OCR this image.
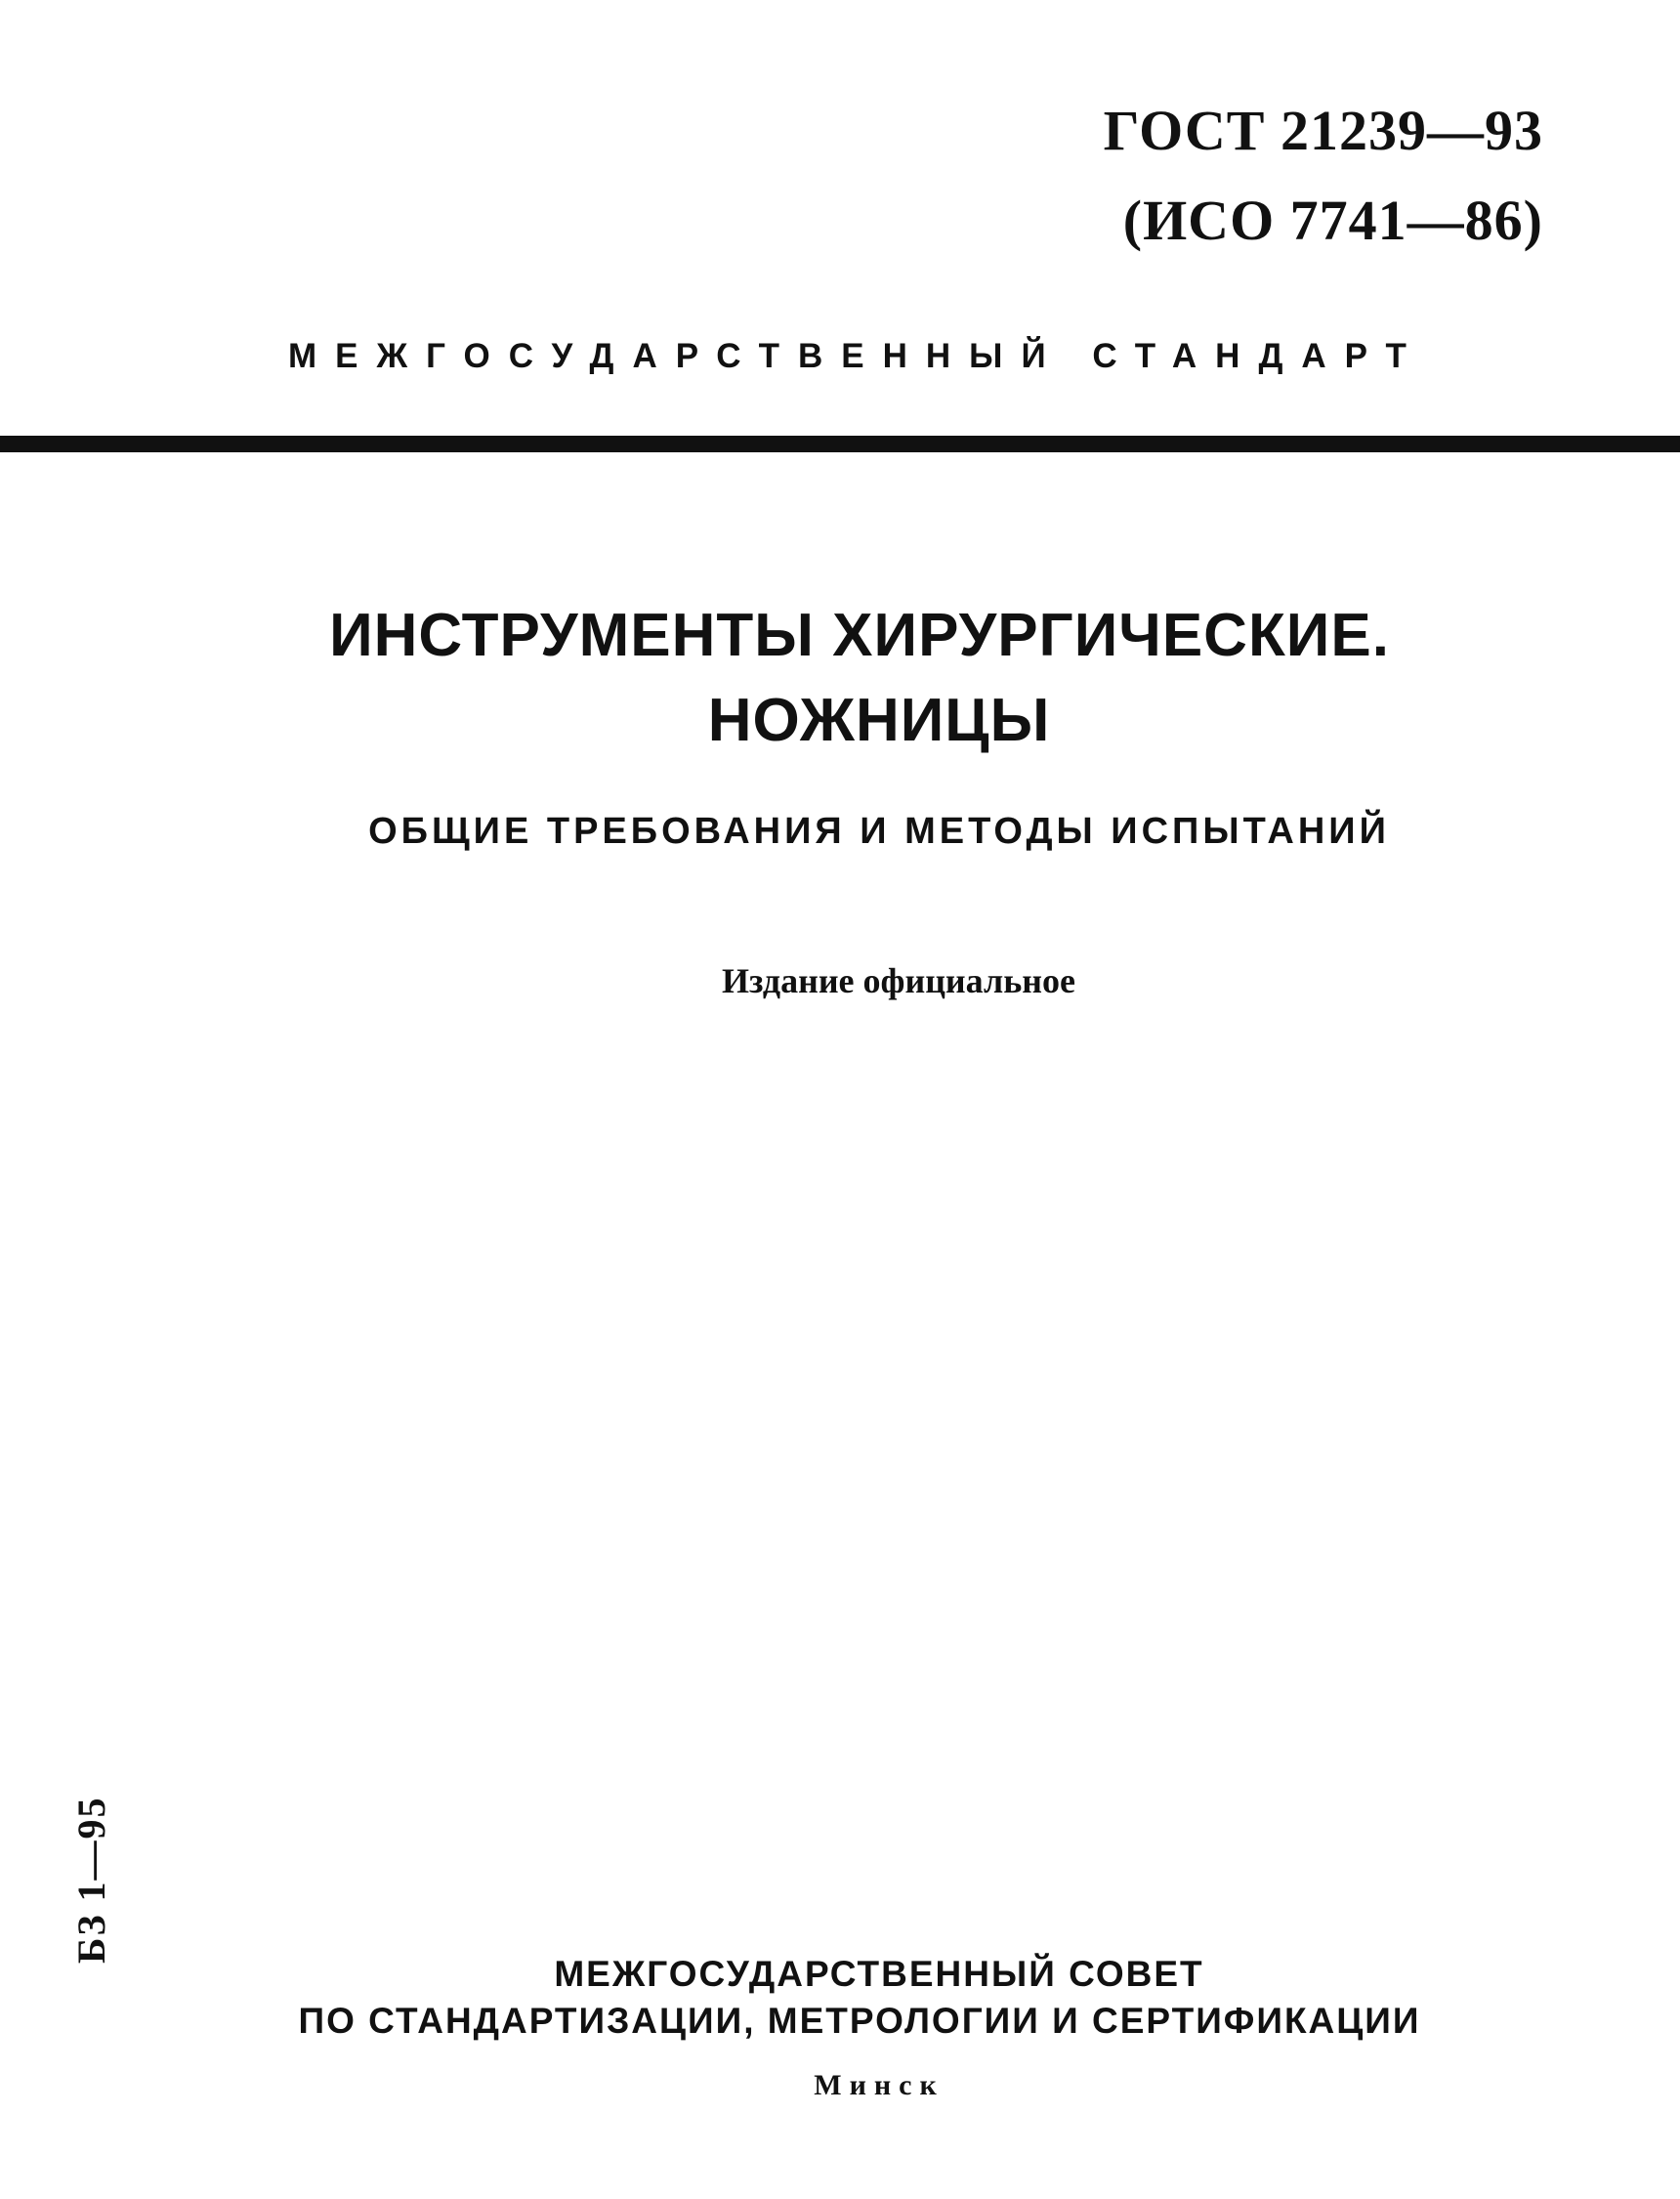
ГОСТ 21239—93
(ИСО 7741—86)
МЕЖГОСУДАРСТВЕННЫЙ СТАНДАРТ
ИНСТРУМЕНТЫ ХИРУРГИЧЕСКИЕ.
НОЖНИЦЫ
ОБЩИЕ ТРЕБОВАНИЯ И МЕТОДЫ ИСПЫТАНИЙ
Издание официальное
БЗ 1—95
МЕЖГОСУДАРСТВЕННЫЙ СОВЕТ
ПО СТАНДАРТИЗАЦИИ, МЕТРОЛОГИИ И СЕРТИФИКАЦИИ
Минск
